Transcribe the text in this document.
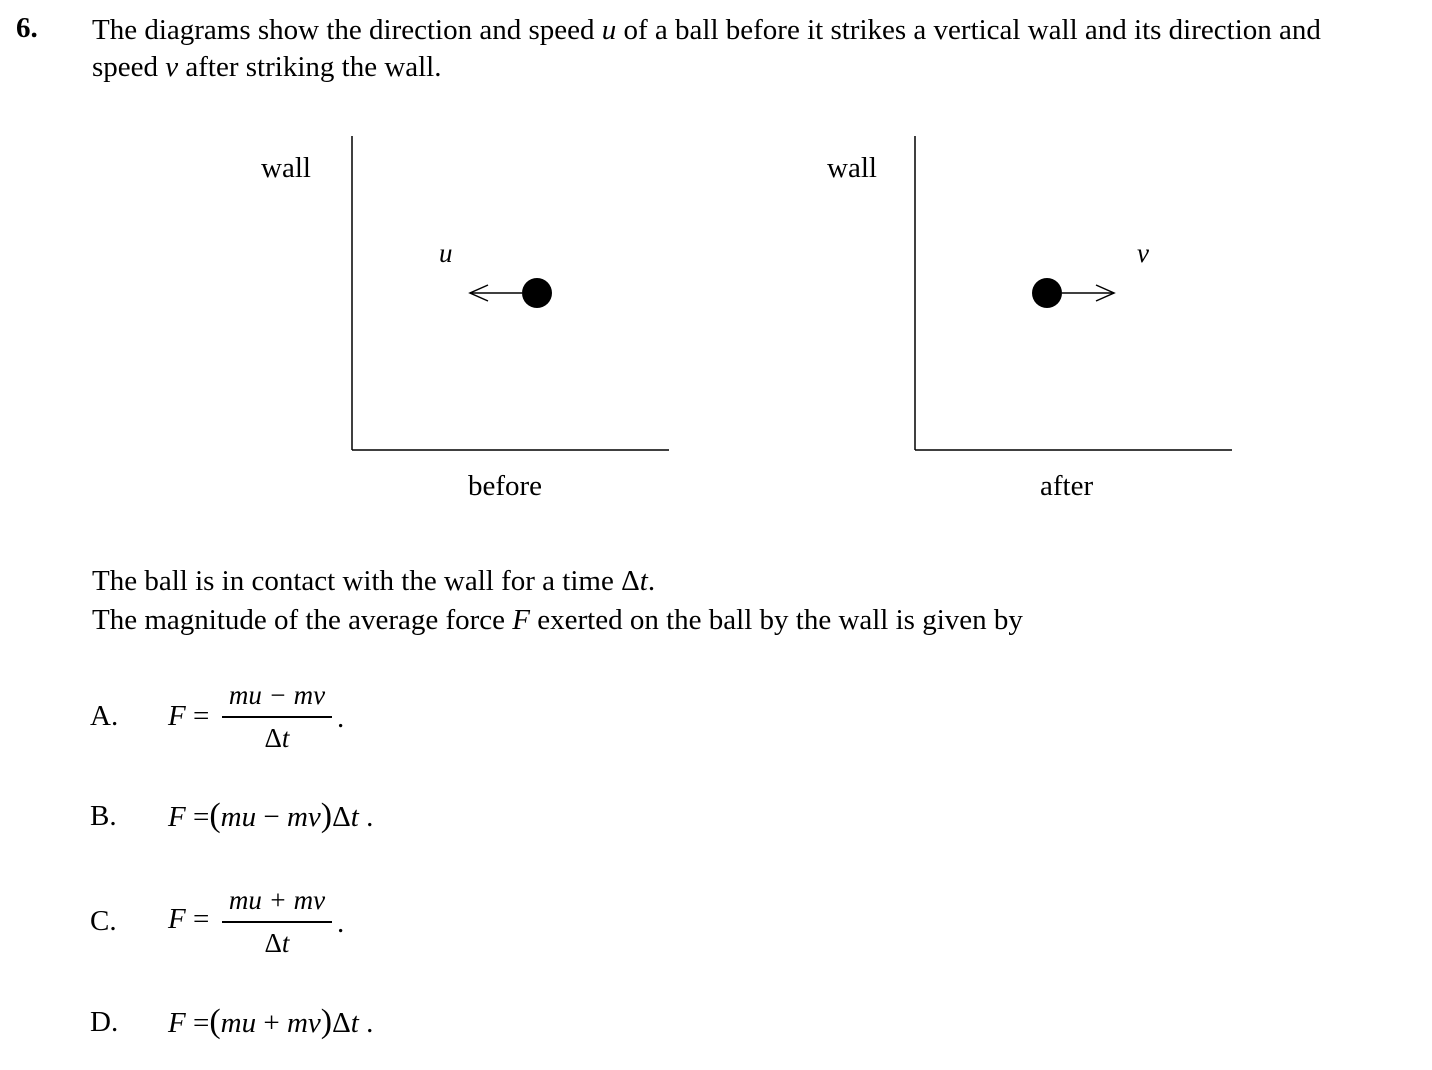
6. The diagrams show the direction and speed u of a ball before it strikes a vertical wall and its direction and
speed v after striking the wall.
wall
u
before
wall
v
after
The ball is in contact with the wall for a time Δt.
The magnitude of the average force F exerted on the ball by the wall is given by
A. F =
mu − mv
Δt
.
B. F =(mu − mv)Δt .
C. F =
mu + mv
Δt
.
D. F =(mu + mv)Δt .
